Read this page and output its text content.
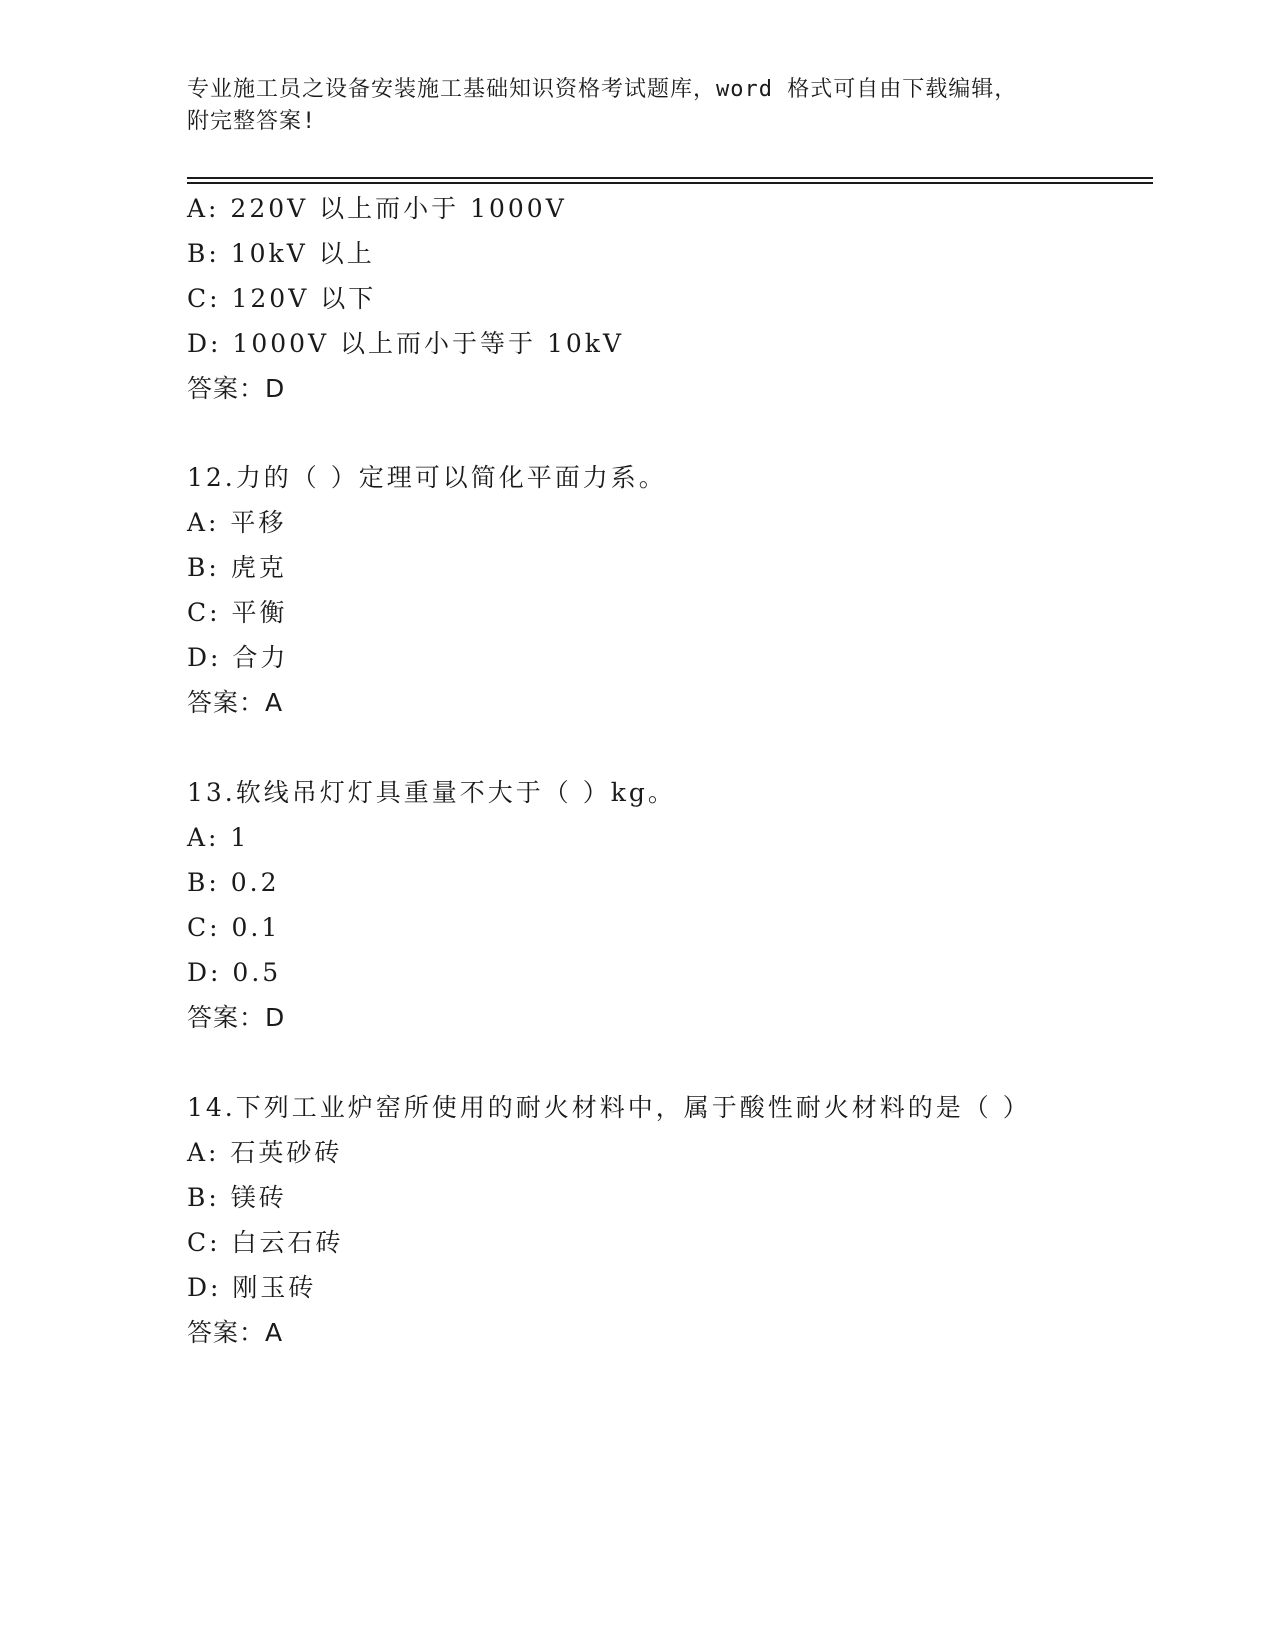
专业施工员之设备安装施工基础知识资格考试题库，word 格式可自由下载编辑，
附完整答案!
A: 220V 以上而小于 1000V
B: 10kV 以上
C: 120V 以下
D: 1000V 以上而小于等于 10kV
答案：D
12.力的（ ）定理可以简化平面力系。
A: 平移
B: 虎克
C: 平衡
D: 合力
答案：A
13.软线吊灯灯具重量不大于（ ）kg。
A: 1
B: 0.2
C: 0.1
D: 0.5
答案：D
14.下列工业炉窑所使用的耐火材料中，属于酸性耐火材料的是（ ）
A: 石英砂砖
B: 镁砖
C: 白云石砖
D: 刚玉砖
答案：A
